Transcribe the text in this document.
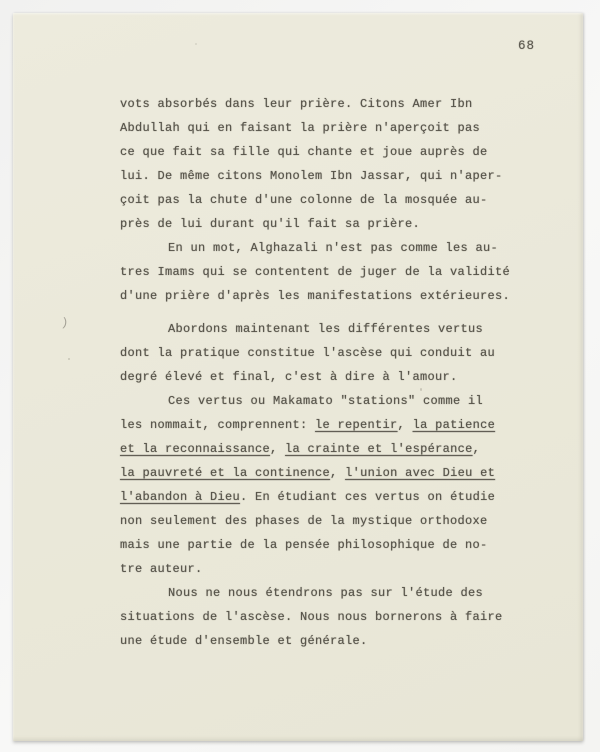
68
)
vots absorbés dans leur prière. Citons Amer Ibn
Abdullah qui en faisant la prière n'aperçoit pas
ce que fait sa fille qui chante et joue auprès de
lui. De même citons Monolem Ibn Jassar, qui n'aper-
çoit pas la chute d'une colonne de la mosquée au-
près de lui durant qu'il fait sa prière.
En un mot, Alghazali n'est pas comme les au-
tres Imams qui se contentent de juger de la validité
d'une prière d'après les manifestations extérieures.
Abordons maintenant les différentes vertus
dont la pratique constitue l'ascèse qui conduit au
degré élevé et final, c'est à dire à l'amour.
Ces vertus ou Makamato "stations" comme il
les nommait, comprennent: le repentir, la patience
et la reconnaissance, la crainte et l'espérance,
la pauvreté et la continence, l'union avec Dieu et
l'abandon à Dieu. En étudiant ces vertus on étudie
non seulement des phases de la mystique orthodoxe
mais une partie de la pensée philosophique de no-
tre auteur.
Nous ne nous étendrons pas sur l'étude des
situations de l'ascèse. Nous nous bornerons à faire
une étude d'ensemble et générale.
